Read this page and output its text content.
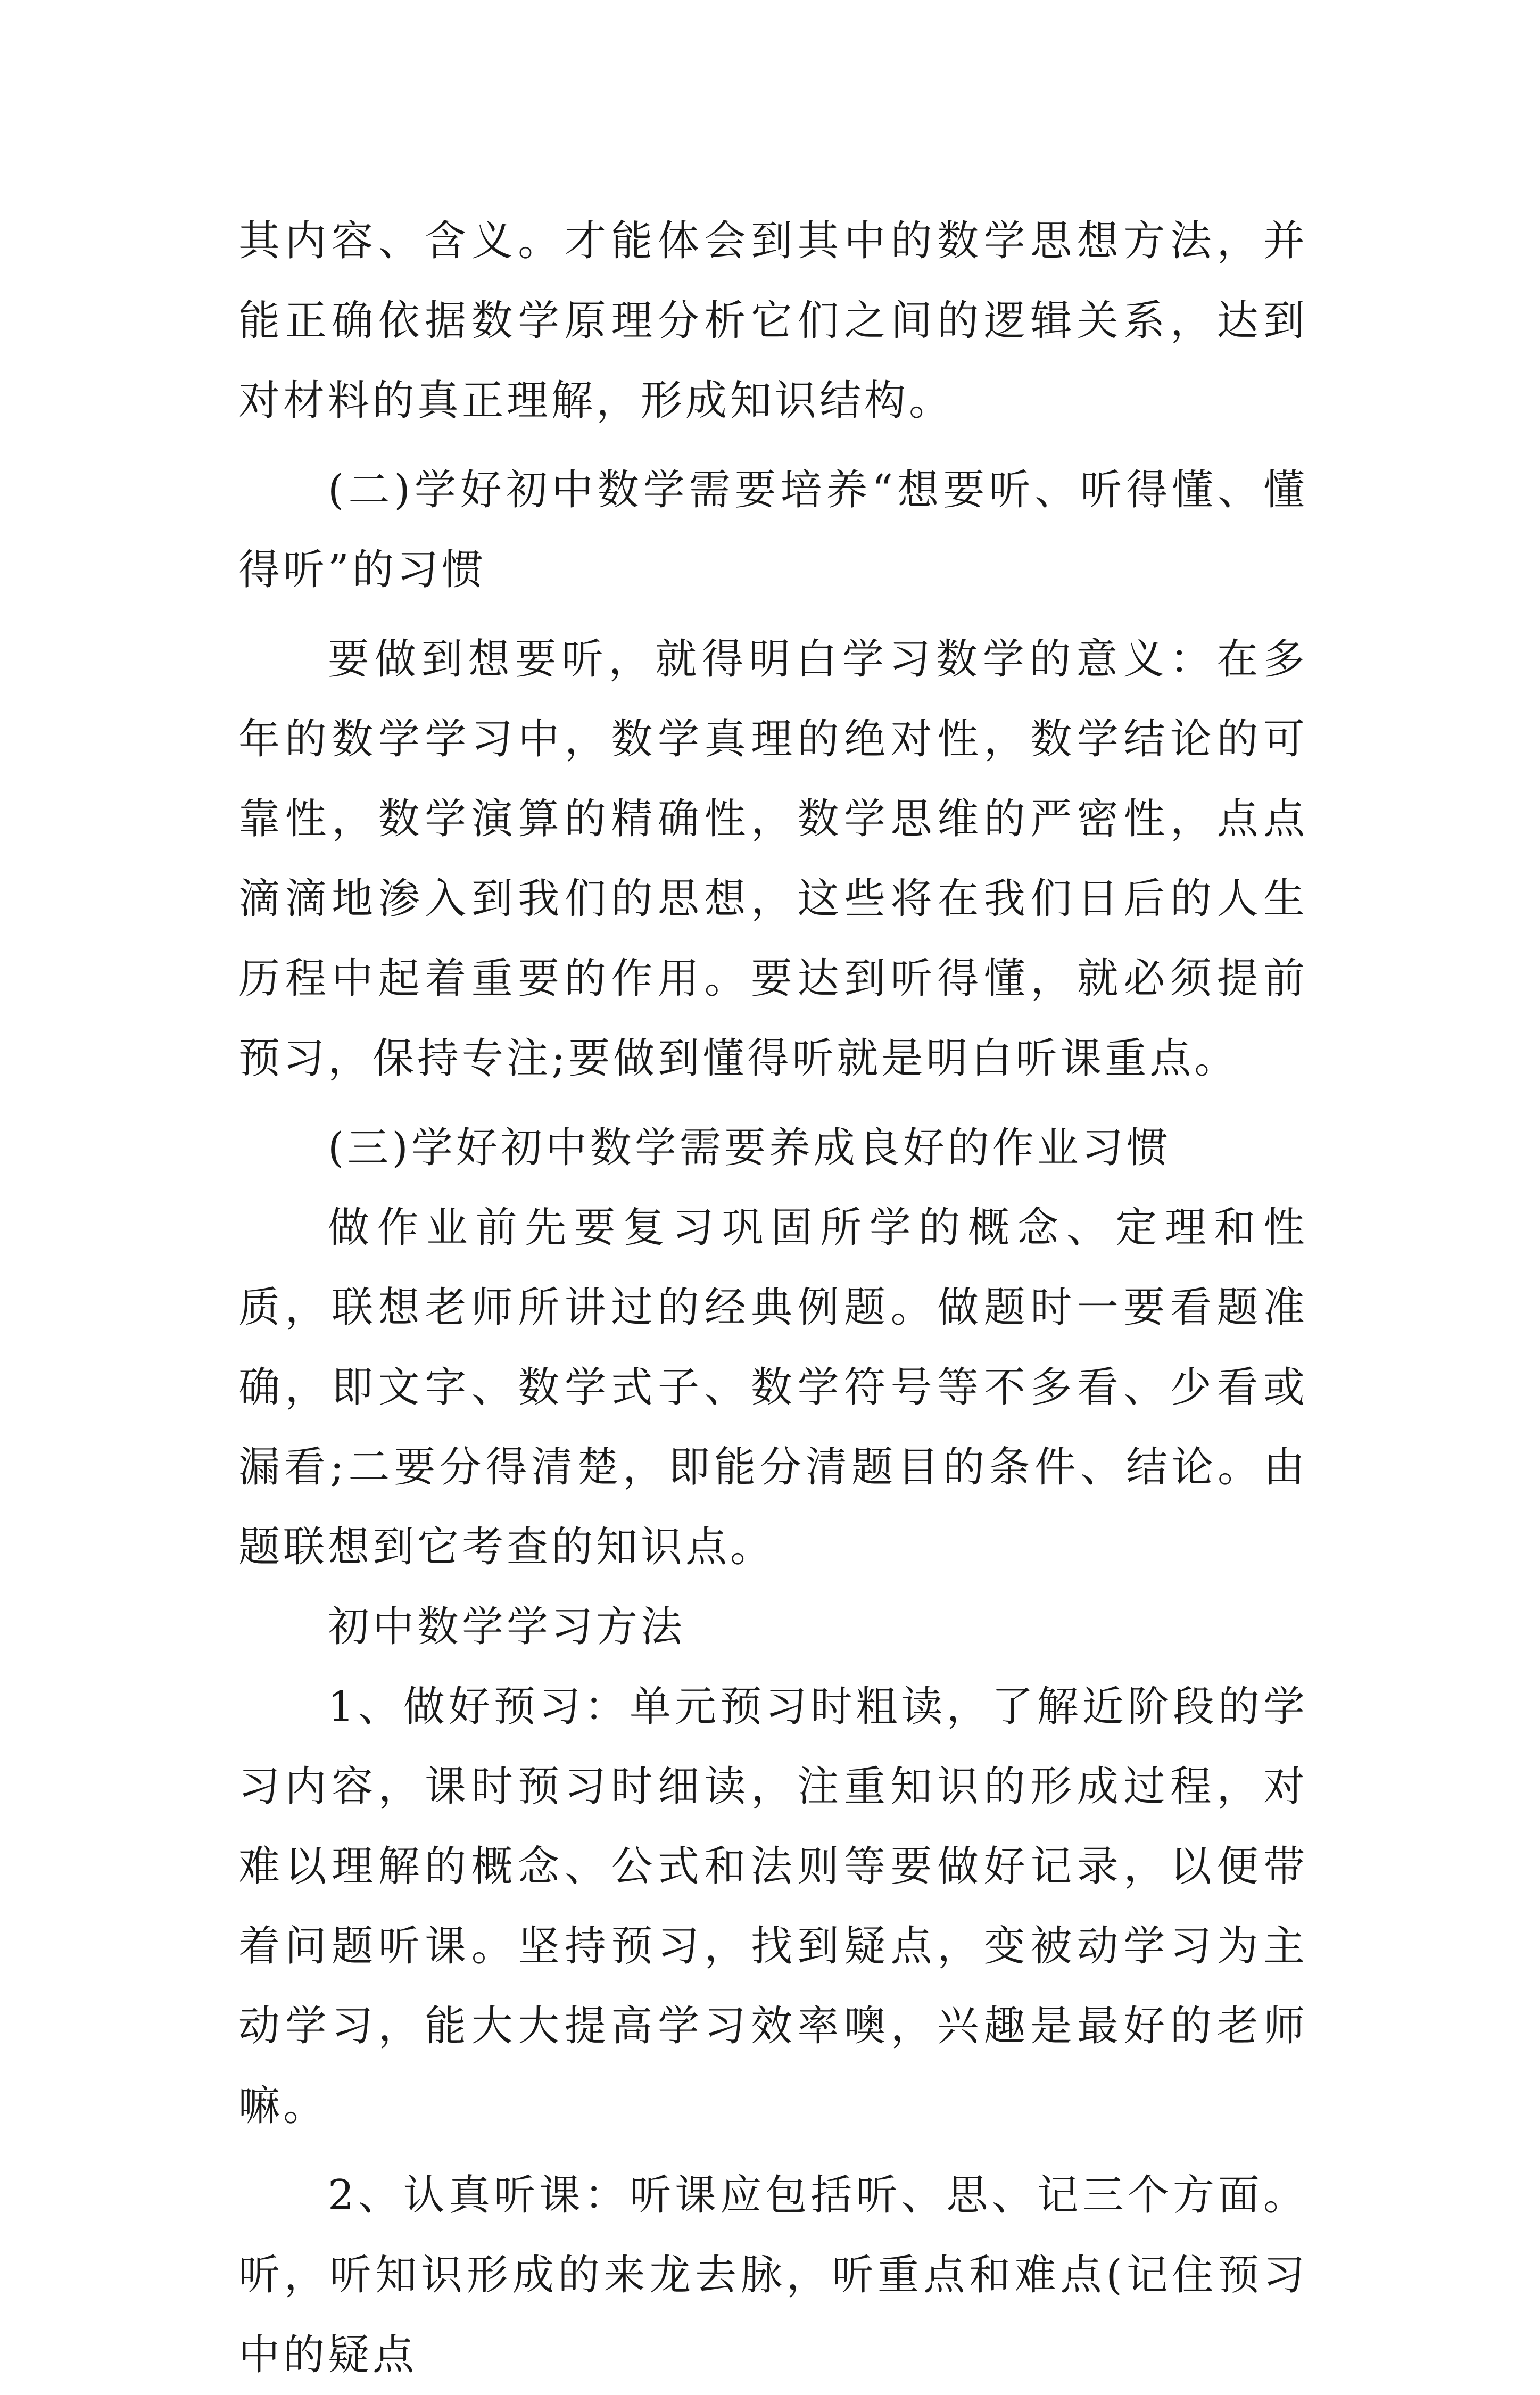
其内容、含义。才能体会到其中的数学思想方法，并能正确依据数学原理分析它们之间的逻辑关系，达到对材料的真正理解，形成知识结构。

(二)学好初中数学需要培养“想要听、听得懂、懂得听”的习惯

要做到想要听，就得明白学习数学的意义：在多年的数学学习中，数学真理的绝对性，数学结论的可靠性，数学演算的精确性，数学思维的严密性，点点滴滴地渗入到我们的思想，这些将在我们日后的人生历程中起着重要的作用。要达到听得懂，就必须提前预习，保持专注;要做到懂得听就是明白听课重点。

(三)学好初中数学需要养成良好的作业习惯

做作业前先要复习巩固所学的概念、定理和性质，联想老师所讲过的经典例题。做题时一要看题准确，即文字、数学式子、数学符号等不多看、少看或漏看;二要分得清楚，即能分清题目的条件、结论。由题联想到它考查的知识点。

初中数学学习方法

1、做好预习：单元预习时粗读，了解近阶段的学习内容，课时预习时细读，注重知识的形成过程，对难以理解的概念、公式和法则等要做好记录，以便带着问题听课。坚持预习，找到疑点，变被动学习为主动学习，能大大提高学习效率噢，兴趣是最好的老师嘛。

2、认真听课：听课应包括听、思、记三个方面。听，听知识形成的来龙去脉，听重点和难点(记住预习中的疑点
